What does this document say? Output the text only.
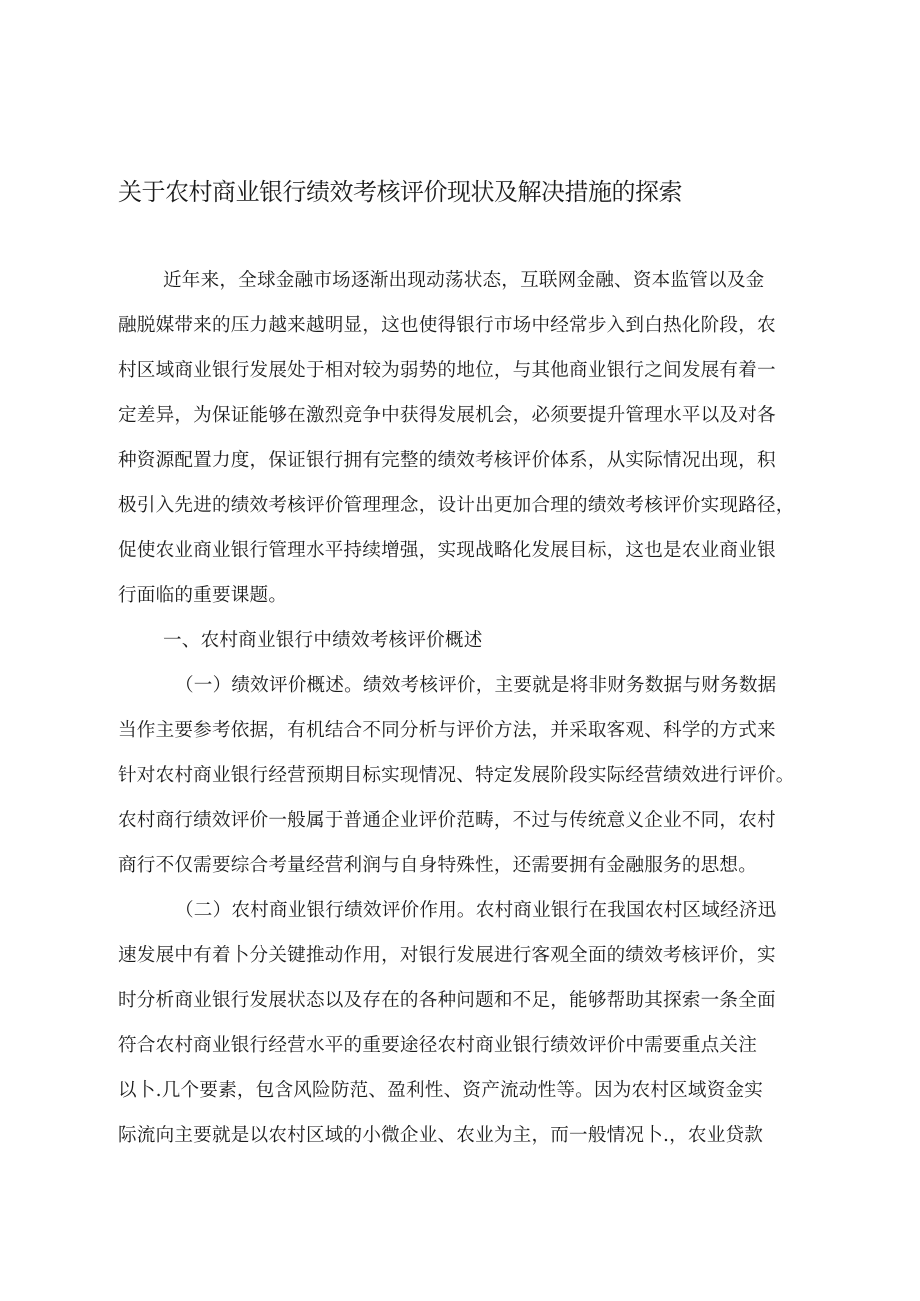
关于农村商业银行绩效考核评价现状及解决措施的探索
近年来，全球金融市场逐渐出现动荡状态，互联网金融、资本监管以及金
融脱媒带来的压力越来越明显，这也使得银行市场中经常步入到白热化阶段，农
村区域商业银行发展处于相对较为弱势的地位，与其他商业银行之间发展有着一
定差异，为保证能够在激烈竞争中获得发展机会，必须要提升管理水平以及对各
种资源配置力度，保证银行拥有完整的绩效考核评价体系，从实际情况出现，积
极引入先进的绩效考核评价管理理念，设计出更加合理的绩效考核评价实现路径，
促使农业商业银行管理水平持续增强，实现战略化发展目标，这也是农业商业银
行面临的重要课题。
一、农村商业银行中绩效考核评价概述
（一）绩效评价概述。绩效考核评价，主要就是将非财务数据与财务数据
当作主要参考依据，有机结合不同分析与评价方法，并采取客观、科学的方式来
针对农村商业银行经营预期目标实现情况、特定发展阶段实际经营绩效进行评价。
农村商行绩效评价一般属于普通企业评价范畴，不过与传统意义企业不同，农村
商行不仅需要综合考量经营利润与自身特殊性，还需要拥有金融服务的思想。
（二）农村商业银行绩效评价作用。农村商业银行在我国农村区域经济迅
速发展中有着卜分关键推动作用，对银行发展进行客观全面的绩效考核评价，实
时分析商业银行发展状态以及存在的各种问题和不足，能够帮助其探索一条全面
符合农村商业银行经营水平的重要途径农村商业银行绩效评价中需要重点关注
以卜.几个要素，包含风险防范、盈利性、资产流动性等。因为农村区域资金实
际流向主要就是以农村区域的小微企业、农业为主，而一般情况卜.，农业贷款
